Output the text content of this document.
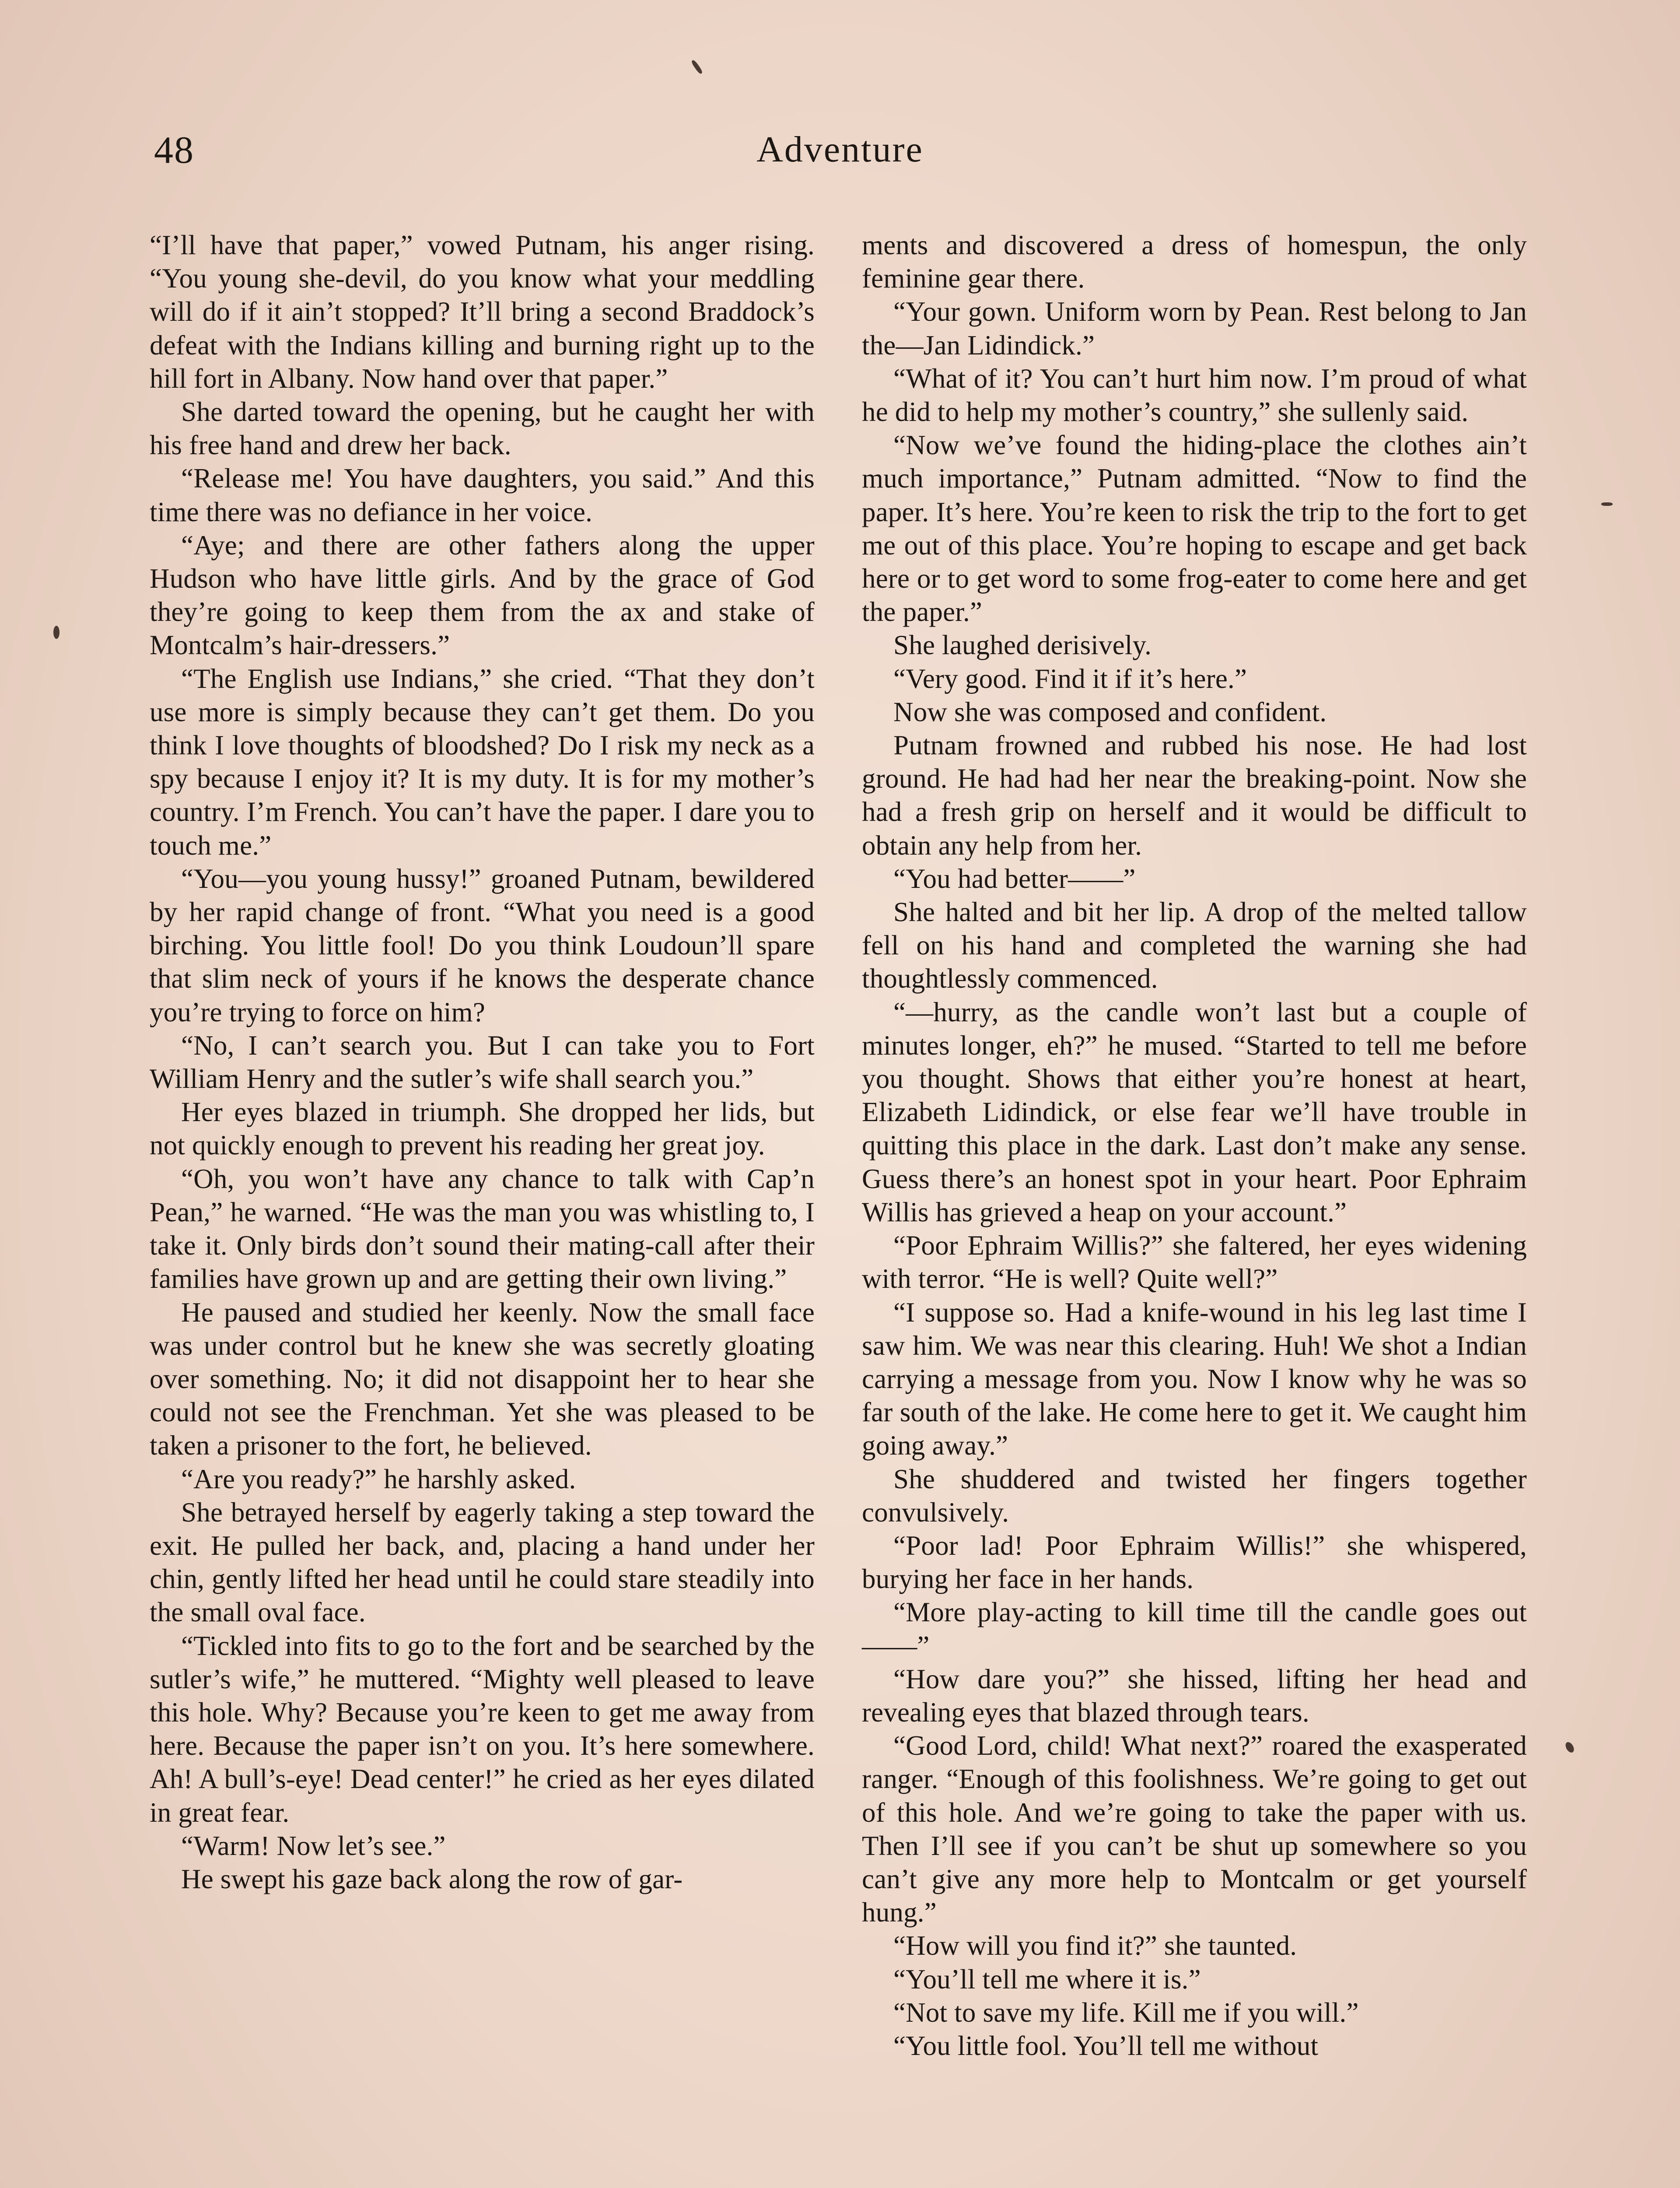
48	Adventure

“I’ll have that paper,” vowed Putnam, his anger rising. “You young she-devil, do you know what your meddling will do if it ain’t stopped? It’ll bring a second Braddock’s defeat with the Indians killing and burning right up to the hill fort in Albany. Now hand over that paper.”

She darted toward the opening, but he caught her with his free hand and drew her back.

“Release me! You have daughters, you said.” And this time there was no defiance in her voice.

“Aye; and there are other fathers along the upper Hudson who have little girls. And by the grace of God they’re going to keep them from the ax and stake of Montcalm’s hair-dressers.”

“The English use Indians,” she cried. “That they don’t use more is simply because they can’t get them. Do you think I love thoughts of bloodshed? Do I risk my neck as a spy because I enjoy it? It is my duty. It is for my mother’s country. I’m French. You can’t have the paper. I dare you to touch me.”

“You—you young hussy!” groaned Putnam, bewildered by her rapid change of front. “What you need is a good birching. You little fool! Do you think Loudoun’ll spare that slim neck of yours if he knows the desperate chance you’re trying to force on him?

“No, I can’t search you. But I can take you to Fort William Henry and the sutler’s wife shall search you.”

Her eyes blazed in triumph. She dropped her lids, but not quickly enough to prevent his reading her great joy.

“Oh, you won’t have any chance to talk with Cap’n Pean,” he warned. “He was the man you was whistling to, I take it. Only birds don’t sound their mating-call after their families have grown up and are getting their own living.”

He paused and studied her keenly. Now the small face was under control but he knew she was secretly gloating over something. No; it did not disappoint her to hear she could not see the Frenchman. Yet she was pleased to be taken a prisoner to the fort, he believed.

“Are you ready?” he harshly asked.

She betrayed herself by eagerly taking a step toward the exit. He pulled her back, and, placing a hand under her chin, gently lifted her head until he could stare steadily into the small oval face.

“Tickled into fits to go to the fort and be searched by the sutler’s wife,” he muttered. “Mighty well pleased to leave this hole. Why? Because you’re keen to get me away from here. Because the paper isn’t on you. It’s here somewhere. Ah! A bull’s-eye! Dead center!” he cried as her eyes dilated in great fear.

“Warm! Now let’s see.”

He swept his gaze back along the row of gar-

ments and discovered a dress of homespun, the only feminine gear there.

“Your gown. Uniform worn by Pean. Rest belong to Jan the—Jan Lidindick.”

“What of it? You can’t hurt him now. I’m proud of what he did to help my mother’s country,” she sullenly said.

“Now we’ve found the hiding-place the clothes ain’t much importance,” Putnam admitted. “Now to find the paper. It’s here. You’re keen to risk the trip to the fort to get me out of this place. You’re hoping to escape and get back here or to get word to some frog-eater to come here and get the paper.”

She laughed derisively.

“Very good. Find it if it’s here.”

Now she was composed and confident.

Putnam frowned and rubbed his nose. He had lost ground. He had had her near the breaking-point. Now she had a fresh grip on herself and it would be difficult to obtain any help from her.

“You had better——”

She halted and bit her lip. A drop of the melted tallow fell on his hand and completed the warning she had thoughtlessly commenced.

“—hurry, as the candle won’t last but a couple of minutes longer, eh?” he mused. “Started to tell me before you thought. Shows that either you’re honest at heart, Elizabeth Lidindick, or else fear we’ll have trouble in quitting this place in the dark. Last don’t make any sense. Guess there’s an honest spot in your heart. Poor Ephraim Willis has grieved a heap on your account.”

“Poor Ephraim Willis?” she faltered, her eyes widening with terror. “He is well? Quite well?”

“I suppose so. Had a knife-wound in his leg last time I saw him. We was near this clearing. Huh! We shot a Indian carrying a message from you. Now I know why he was so far south of the lake. He come here to get it. We caught him going away.”

She shuddered and twisted her fingers together convulsively.

“Poor lad! Poor Ephraim Willis!” she whispered, burying her face in her hands.

“More play-acting to kill time till the candle goes out——”

“How dare you?” she hissed, lifting her head and revealing eyes that blazed through tears.

“Good Lord, child! What next?” roared the exasperated ranger. “Enough of this foolishness. We’re going to get out of this hole. And we’re going to take the paper with us. Then I’ll see if you can’t be shut up somewhere so you can’t give any more help to Montcalm or get yourself hung.”

“How will you find it?” she taunted.

“You’ll tell me where it is.”

“Not to save my life. Kill me if you will.”

“You little fool. You’ll tell me without
